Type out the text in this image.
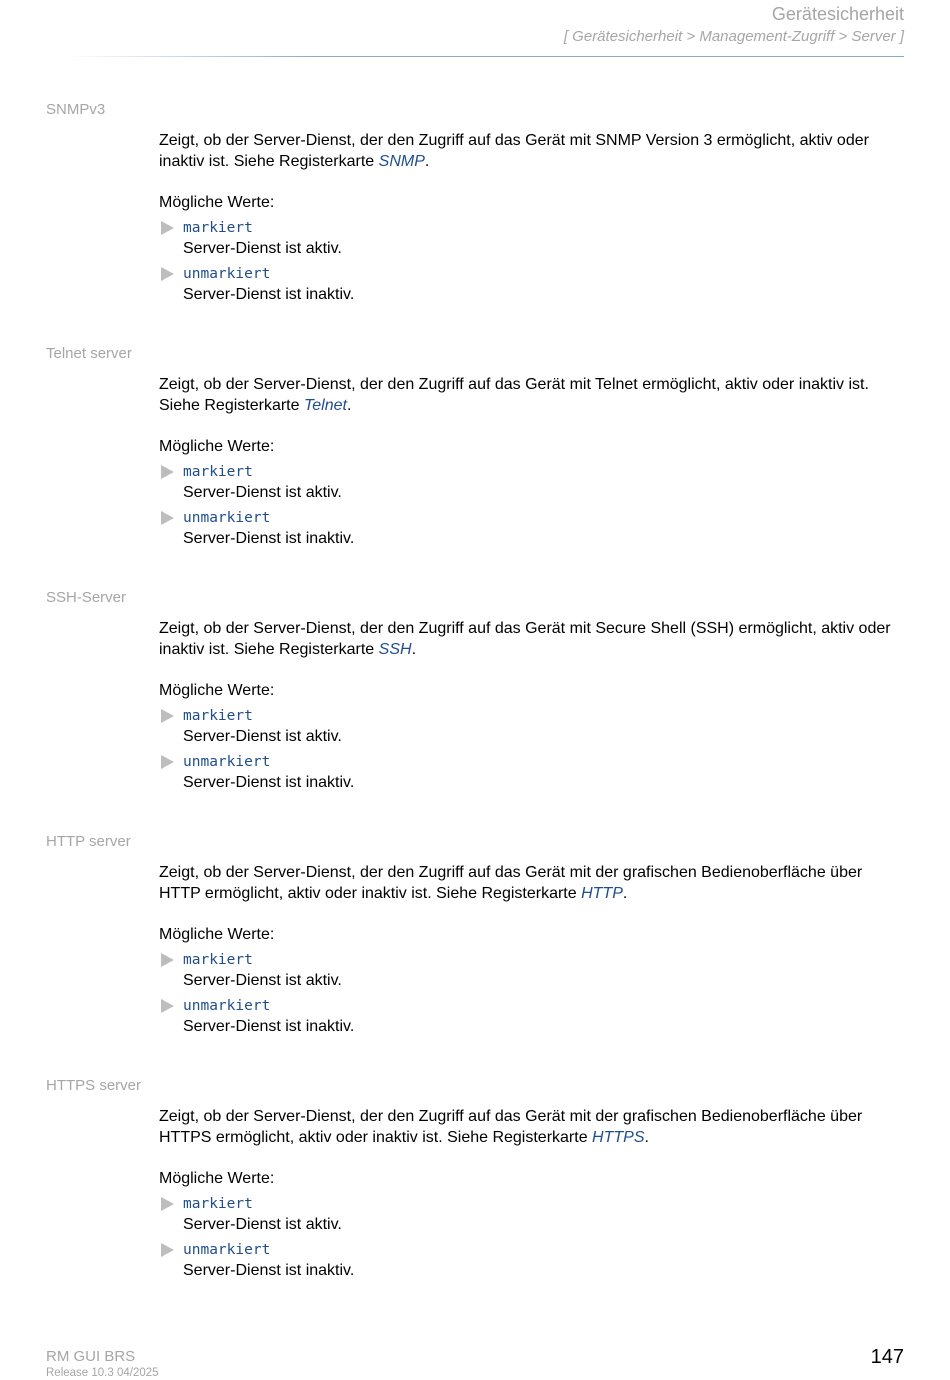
Gerätesicherheit
[ Gerätesicherheit > Management-Zugriff > Server ]
SNMPv3

Zeigt, ob der Server-Dienst, der den Zugriff auf das Gerät mit SNMP Version 3 ermöglicht, aktiv oder inaktiv ist. Siehe Registerkarte SNMP.

Mögliche Werte:
markiert
Server-Dienst ist aktiv.
unmarkiert
Server-Dienst ist inaktiv.
Telnet server

Zeigt, ob der Server-Dienst, der den Zugriff auf das Gerät mit Telnet ermöglicht, aktiv oder inaktiv ist. Siehe Registerkarte Telnet.

Mögliche Werte:
markiert
Server-Dienst ist aktiv.
unmarkiert
Server-Dienst ist inaktiv.
SSH-Server

Zeigt, ob der Server-Dienst, der den Zugriff auf das Gerät mit Secure Shell (SSH) ermöglicht, aktiv oder inaktiv ist. Siehe Registerkarte SSH.

Mögliche Werte:
markiert
Server-Dienst ist aktiv.
unmarkiert
Server-Dienst ist inaktiv.
HTTP server

Zeigt, ob der Server-Dienst, der den Zugriff auf das Gerät mit der grafischen Bedienoberfläche über HTTP ermöglicht, aktiv oder inaktiv ist. Siehe Registerkarte HTTP.

Mögliche Werte:
markiert
Server-Dienst ist aktiv.
unmarkiert
Server-Dienst ist inaktiv.
HTTPS server

Zeigt, ob der Server-Dienst, der den Zugriff auf das Gerät mit der grafischen Bedienoberfläche über HTTPS ermöglicht, aktiv oder inaktiv ist. Siehe Registerkarte HTTPS.

Mögliche Werte:
markiert
Server-Dienst ist aktiv.
unmarkiert
Server-Dienst ist inaktiv.
RM GUI BRS
Release 10.3 04/2025
147
